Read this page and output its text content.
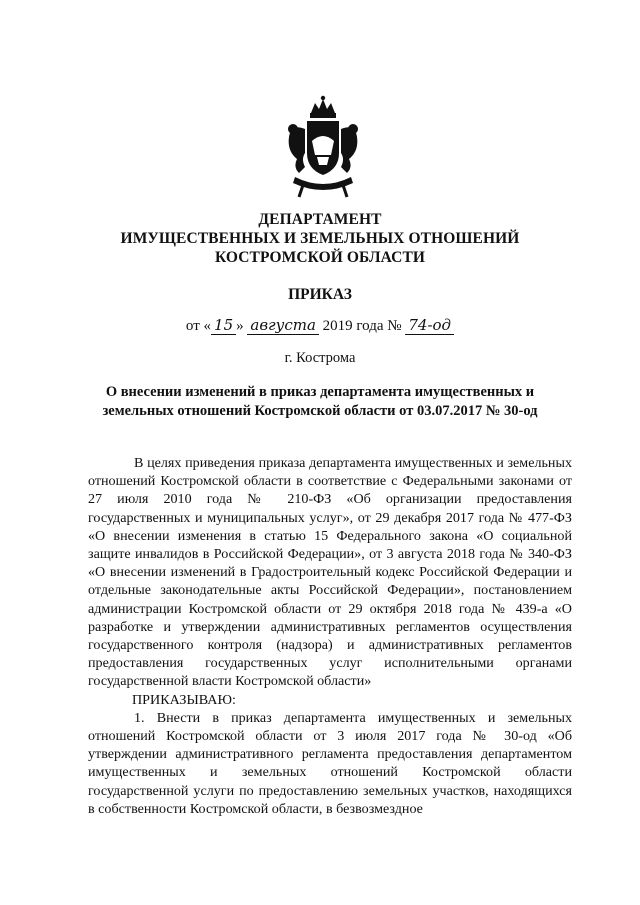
ДЕПАРТАМЕНТ
ИМУЩЕСТВЕННЫХ И ЗЕМЕЛЬНЫХ ОТНОШЕНИЙ
КОСТРОМСКОЙ ОБЛАСТИ
ПРИКАЗ
от « 15 » августа 2019 года № 74-од
г. Кострома
О внесении изменений в приказ департамента имущественных и
земельных отношений Костромской области от 03.07.2017 № 30-од

В целях приведения приказа департамента имущественных и земельных отношений Костромской области в соответствие с Федеральными законами от 27 июля 2010 года № 210-ФЗ «Об организации предоставления государственных и муниципальных услуг», от 29 декабря 2017 года № 477-ФЗ «О внесении изменения в статью 15 Федерального закона «О социальной защите инвалидов в Российской Федерации», от 3 августа 2018 года № 340-ФЗ «О внесении изменений в Градостроительный кодекс Российской Федерации и отдельные законодательные акты Российской Федерации», постановлением администрации Костромской области от 29 октября 2018 года № 439-а «О разработке и утверждении административных регламентов осуществления государственного контроля (надзора) и административных регламентов предоставления государственных услуг исполнительными органами государственной власти Костромской области»

ПРИКАЗЫВАЮ:

1. Внести в приказ департамента имущественных и земельных отношений Костромской области от 3 июля 2017 года № 30-од «Об утверждении административного регламента предоставления департаментом имущественных и земельных отношений Костромской области государственной услуги по предоставлению земельных участков, находящихся в собственности Костромской области, в безвозмездное
